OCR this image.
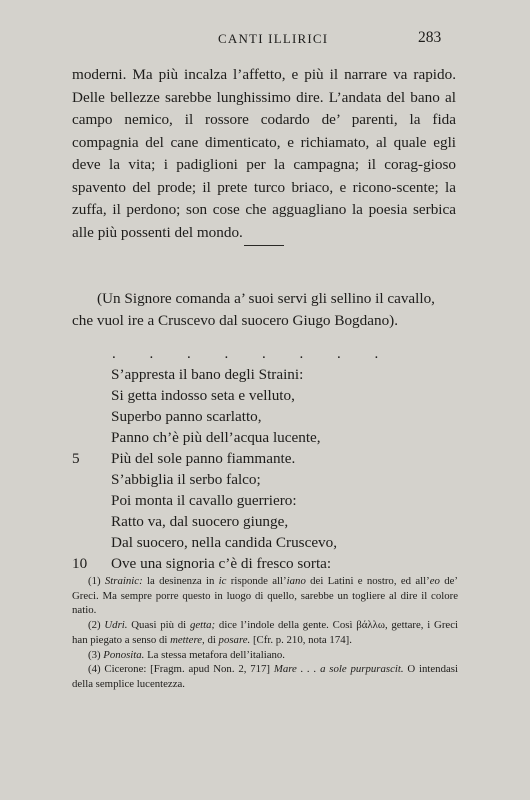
CANTI ILLIRICI	283

moderni. Ma più incalza l’affetto, e più il narrare va rapido. Delle bellezze sarebbe lunghissimo dire. L’andata del bano al campo nemico, il rossore codardo de’ parenti, la fida compagnia del cane dimenticato, e richiamato, al quale egli deve la vita; i padiglioni per la campagna; il corag-gioso spavento del prode; il prete turco briaco, e ricono-scente; la zuffa, il perdono; son cose che agguagliano la poesia serbica alle più possenti del mondo.

(Un Signore comanda a’ suoi servi gli sellino il cavallo,
che vuol ire a Cruscevo dal suocero Giugo Bogdano).
. . . . . . . .
S’appresta il bano degli Straini:
Si getta indosso seta e velluto,
Superbo panno scarlatto,
Panno ch’è più dell’acqua lucente,
5 Più del sole panno fiammante.
S’abbiglia il serbo falco;
Poi monta il cavallo guerriero:
Ratto va, dal suocero giunge,
Dal suocero, nella candida Cruscevo,
10 Ove una signoria c’è di fresco sorta:

(1) Strainic: la desinenza in ic risponde all’iano dei Latini e nostro, ed all’eo de’ Greci. Ma sempre porre questo in luogo di quello, sarebbe un togliere al dire il colore natio.

(2) Udri. Quasi più di getta; dice l’indole della gente. Così βάλλω, gettare, i Greci han piegato a senso di mettere, di posare. [Cfr. p. 210, nota 174].

(3) Ponosita. La stessa metafora dell’italiano.

(4) Cicerone: [Fragm. apud Non. 2, 717] Mare . . . a sole purpurascit. O intendasi della semplice lucentezza.
